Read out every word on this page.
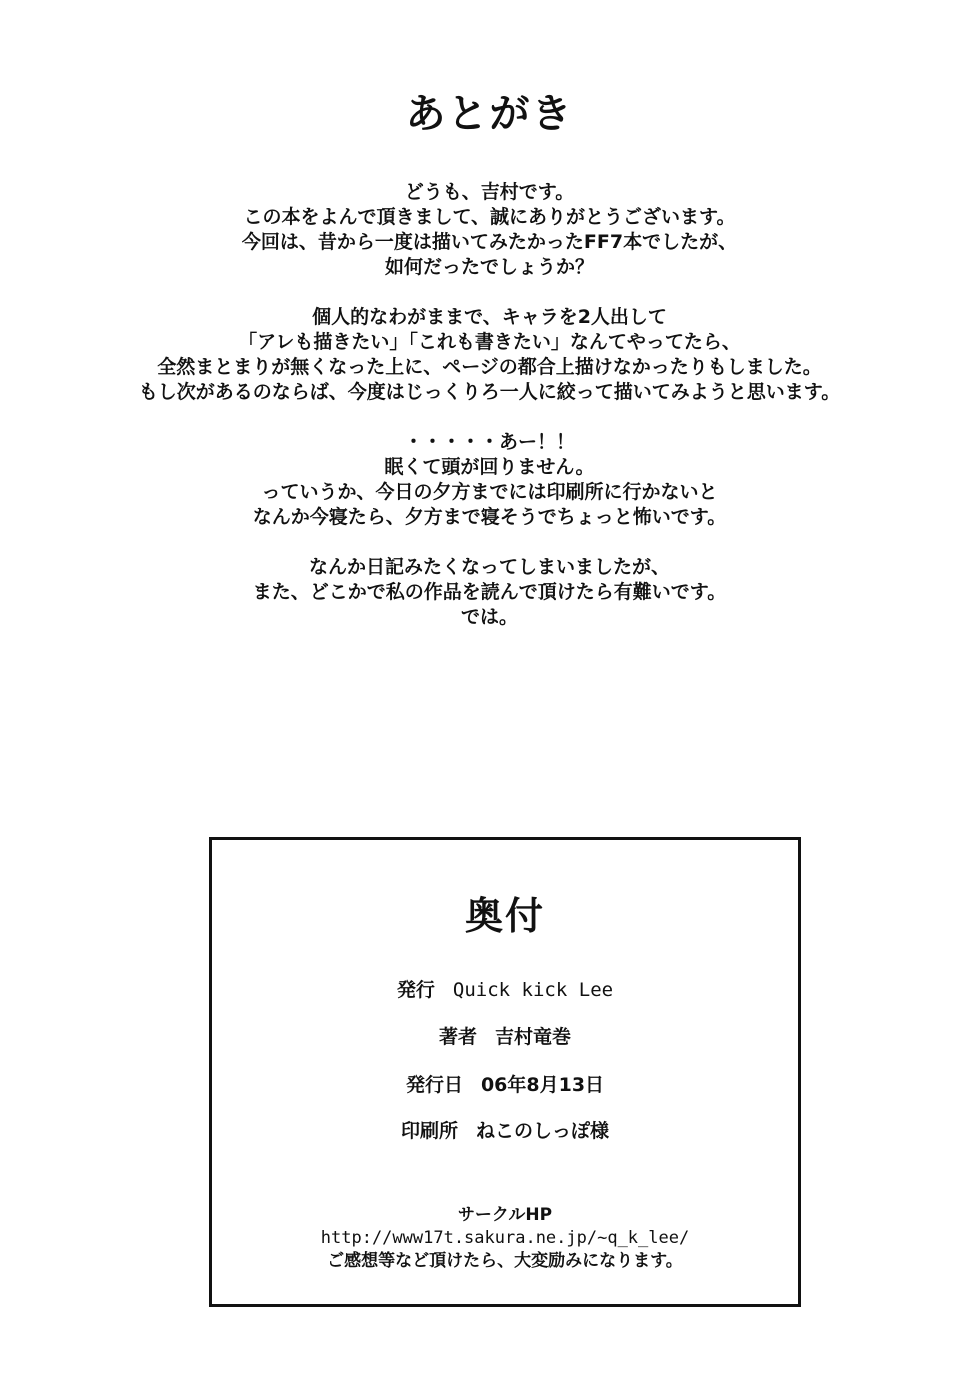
あとがき
どうも、吉村です。
この本をよんで頂きまして、誠にありがとうございます。
今回は、昔から一度は描いてみたかったFF7本でしたが、
如何だったでしょうか？
個人的なわがままで、キャラを2人出して
「アレも描きたい」「これも書きたい」なんてやってたら、
全然まとまりが無くなった上に、ページの都合上描けなかったりもしました。
もし次があるのならば、今度はじっくりろ一人に絞って描いてみようと思います。
・・・・・あー！！
眠くて頭が回りません。
っていうか、今日の夕方までには印刷所に行かないと
なんか今寝たら、夕方まで寝そうでちょっと怖いです。
なんか日記みたくなってしまいましたが、
また、どこかで私の作品を読んで頂けたら有難いです。
では。
奥付
発行 Quick kick Lee
著者 吉村竜巻
発行日 06年8月13日
印刷所 ねこのしっぽ様
サークルHP
http://www17t.sakura.ne.jp/~q_k_lee/
ご感想等など頂けたら、大変励みになります。
